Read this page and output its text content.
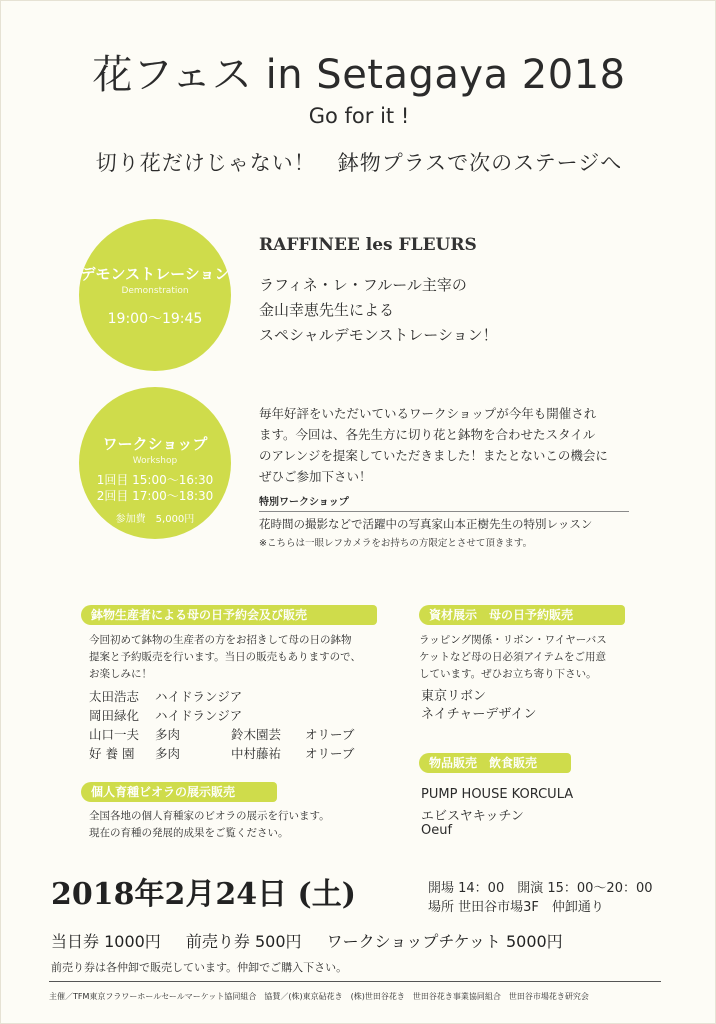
花フェス in Setagaya 2018
Go for it !
切り花だけじゃない！　鉢物プラスで次のステージへ
デモンストレーション
Demonstration
19:00～19:45
RAFFINEE les FLEURS
ラフィネ・レ・フルール主宰の
金山幸恵先生による
スペシャルデモンストレーション！
ワークショップ
Workshop
1回目 15:00～16:30
2回目 17:00～18:30
参加費　5,000円
毎年好評をいただいているワークショップが今年も開催され
ます。今回は、各先生方に切り花と鉢物を合わせたスタイル
のアレンジを提案していただきました！またとないこの機会に
ぜひご参加下さい！
特別ワークショップ
花時間の撮影などで活躍中の写真家山本正樹先生の特別レッスン
※こちらは一眼レフカメラをお持ちの方限定とさせて頂きます。
鉢物生産者による母の日予約会及び販売
今回初めて鉢物の生産者の方をお招きして母の日の鉢物
提案と予約販売を行います。当日の販売もありますので、
お楽しみに！
太田浩志 ハイドランジア
岡田緑化 ハイドランジア
山口一夫 多肉
好 養 園 多肉
鈴木園芸 オリーブ
中村藤祐 オリーブ
資材展示　母の日予約販売
ラッピング関係・リボン・ワイヤーバス
ケットなど母の日必須アイテムをご用意
しています。ぜひお立ち寄り下さい。
東京リボン
ネイチャーデザイン
個人育種ビオラの展示販売
全国各地の個人育種家のビオラの展示を行います。
現在の育種の発展的成果をご覧ください。
物品販売　飲食販売
PUMP HOUSE KORCULA
エビスヤキッチン
Oeuf
2018年2月24日 (土)	開場 14：00　開演 15：00～20：00
場所 世田谷市場3F　仲卸通り
当日券 1000円 前売り券 500円 ワークショップチケット 5000円
前売り券は各仲卸で販売しています。仲卸でご購入下さい。
主催／TFM東京フラワーホールセールマーケット協同組合　協賛／(株)東京砧花き　(株)世田谷花き　世田谷花き事業協同組合　世田谷市場花き研究会
